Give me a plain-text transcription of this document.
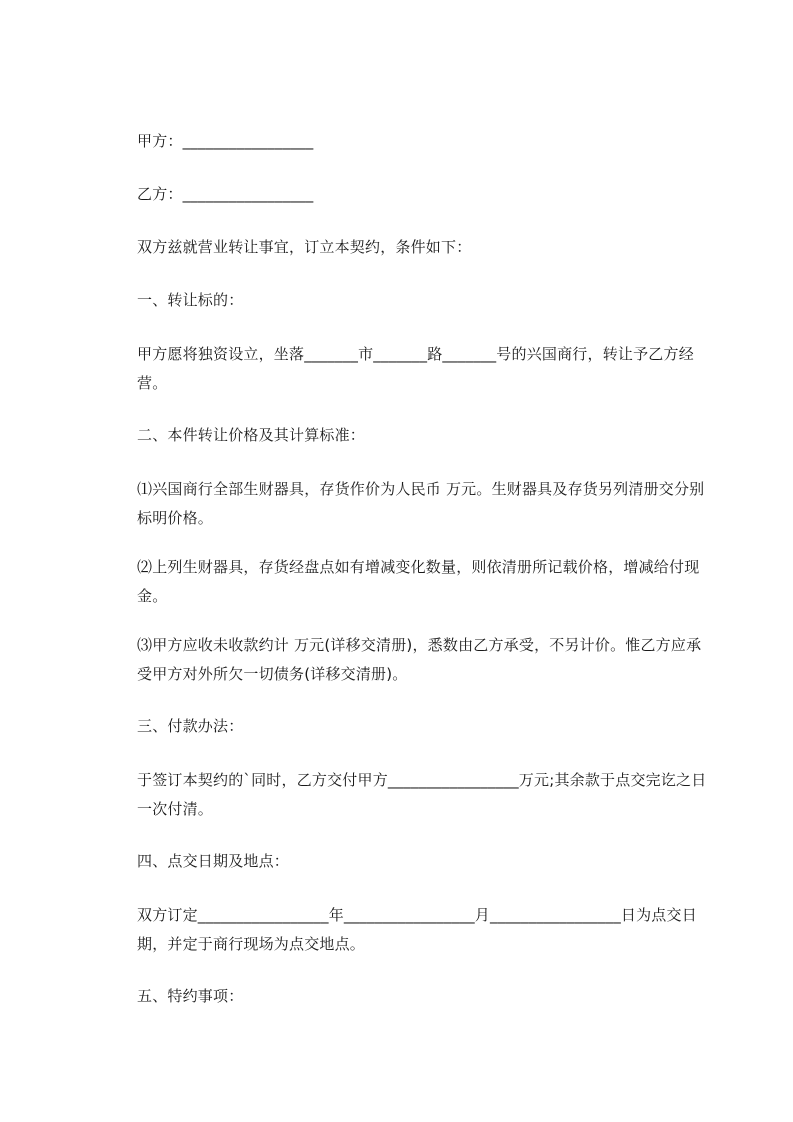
甲方：_________________
乙方：_________________
双方兹就营业转让事宜，订立本契约，条件如下：
一、转让标的：
甲方愿将独资设立，坐落_______市_______路_______号的兴国商行，转让予乙方经营。
二、本件转让价格及其计算标准：
⑴兴国商行全部生财器具，存货作价为人民币 万元。生财器具及存货另列清册交分别标明价格。
⑵上列生财器具，存货经盘点如有增减变化数量，则依清册所记载价格，增减给付现金。
⑶甲方应收未收款约计 万元(详移交清册)，悉数由乙方承受，不另计价。惟乙方应承受甲方对外所欠一切债务(详移交清册)。
三、付款办法：
于签订本契约的`同时，乙方交付甲方_________________万元;其余款于点交完讫之日一次付清。
四、点交日期及地点：
双方订定_________________年_________________月_________________日为点交日期，并定于商行现场为点交地点。
五、特约事项：
